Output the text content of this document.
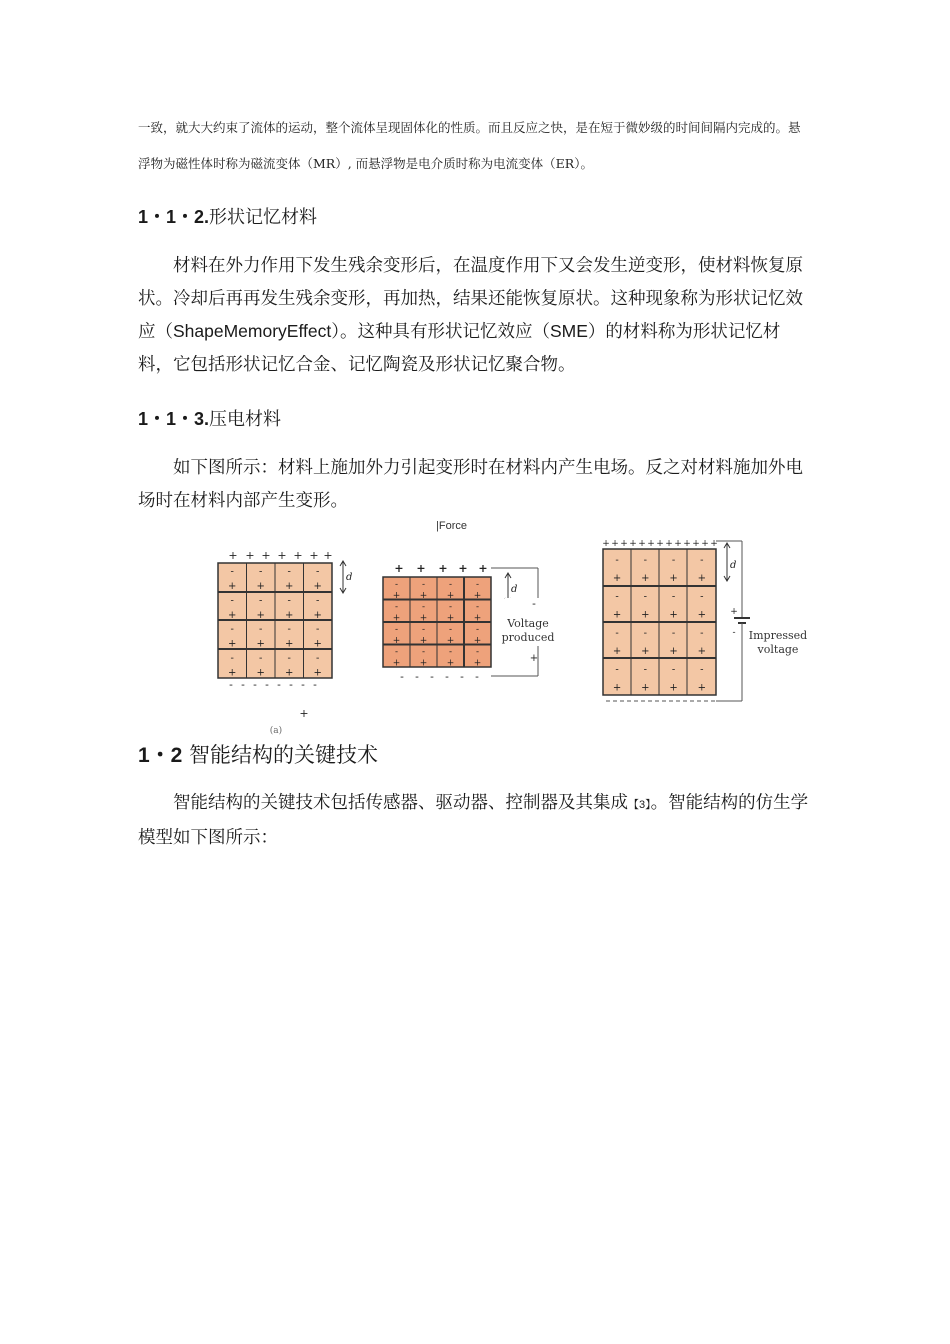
一致，就大大约束了流体的运动，整个流体呈现固体化的性质。而且反应之快，是在短于微妙级的时间间隔内完成的。悬
浮物为磁性体时称为磁流变体（MR）, 而悬浮物是电介质时称为电流变体（ER）。
1・1・2.形状记忆材料
材料在外力作用下发生残余变形后，在温度作用下又会发生逆变形，使材料恢复原状。冷却后再再发生残余变形，再加热，结果还能恢复原状。这种现象称为形状记忆效应（ShapeMemoryEffect）。这种具有形状记忆效应（SME）的材料称为形状记忆材料，它包括形状记忆合金、记忆陶瓷及形状记忆聚合物。
1・1・3.压电材料
如下图所示：材料上施加外力引起变形时在材料内产生电场。反之对材料施加外电场时在材料内部产生变形。
|Force
-
+
-
+
-
+
-
+
-
+
-
+
-
+
-
+
-
+
-
+
-
+
-
+
-
+
-
+
-
+
-
+
+ + + + + + +
- - - - - - - -
+
d
(a)
-
+
-
+
-
+
-
+
-
+
-
+
-
+
-
+
-
+
-
+
-
+
-
+
-
+
-
+
-
+
-
+
+ + + + +
- - - - - -
d
-
Voltage
produced
+
-
+
-
+
-
+
-
+
-
+
-
+
-
+
-
+
-
+
-
+
-
+
-
+
-
+
-
+
-
+
-
+
+ + + + + + + + + + + + +
d
+
- Impressed
voltage
1・2 智能结构的关键技术
智能结构的关键技术包括传感器、驱动器、控制器及其集成【3】。智能结构的仿生学模型如下图所示：
